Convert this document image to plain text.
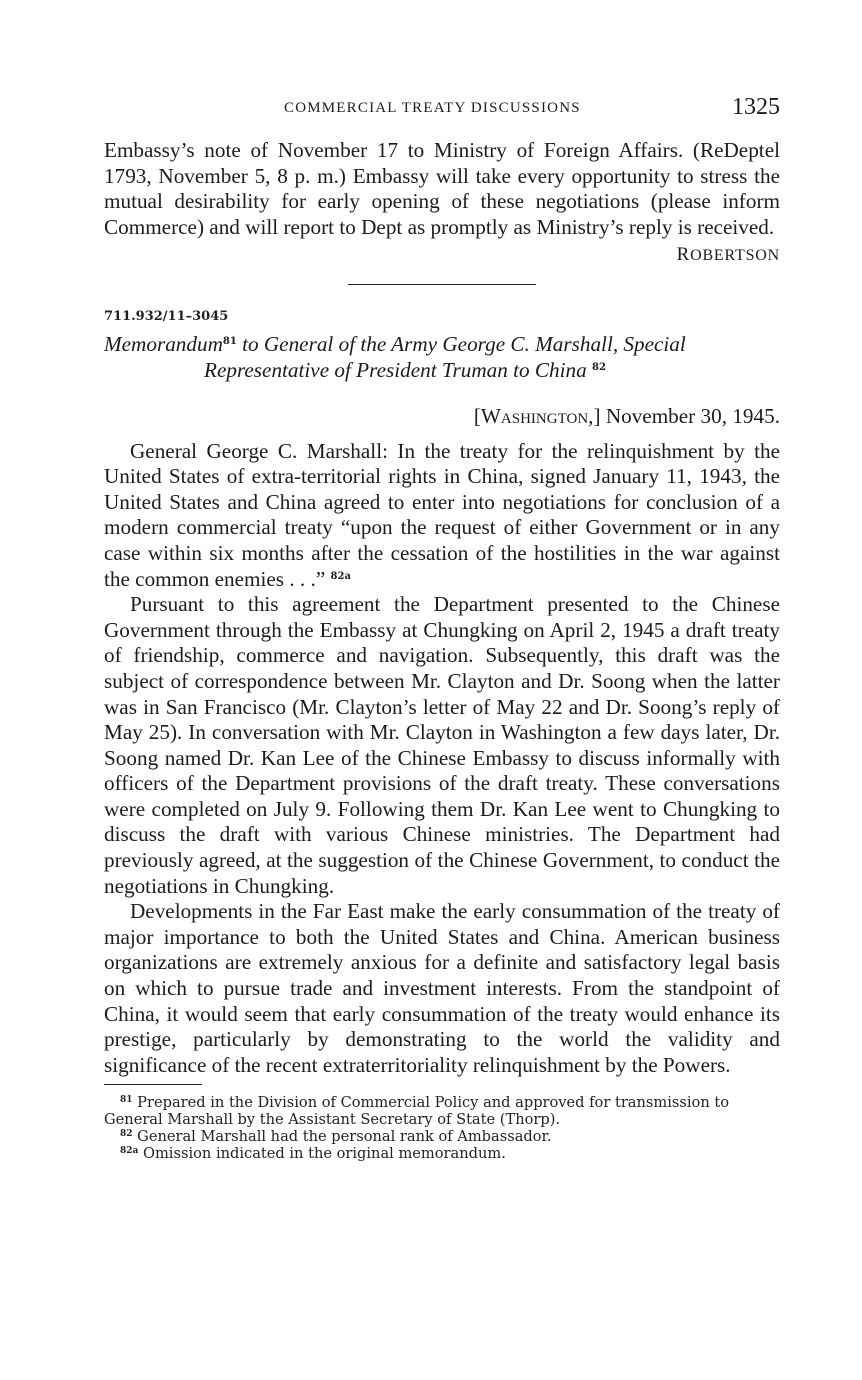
COMMERCIAL TREATY DISCUSSIONS	1325

Embassy’s note of November 17 to Ministry of Foreign Affairs. (ReDeptel 1793, November 5, 8 p. m.) Embassy will take every opportunity to stress the mutual desirability for early opening of these negotiations (please inform Commerce) and will report to Dept as promptly as Ministry’s reply is received.

ROBERTSON
711.932/11–3045
Memorandum$^{81}$ to General of the Army George C. Marshall, Special
Representative of President Truman to China $^{82}$
[Washington,] November 30, 1945.

General George C. Marshall: In the treaty for the relinquishment by the United States of extra-territorial rights in China, signed January 11, 1943, the United States and China agreed to enter into negotiations for conclusion of a modern commercial treaty “upon the request of either Government or in any case within six months after the cessation of the hostilities in the war against the common enemies . . .” $^{82a}$

Pursuant to this agreement the Department presented to the Chinese Government through the Embassy at Chungking on April 2, 1945 a draft treaty of friendship, commerce and navigation. Subsequently, this draft was the subject of correspondence between Mr. Clayton and Dr. Soong when the latter was in San Francisco (Mr. Clayton’s letter of May 22 and Dr. Soong’s reply of May 25). In conversation with Mr. Clayton in Washington a few days later, Dr. Soong named Dr. Kan Lee of the Chinese Embassy to discuss informally with officers of the Department provisions of the draft treaty. These conversations were completed on July 9. Following them Dr. Kan Lee went to Chungking to discuss the draft with various Chinese ministries. The Department had previously agreed, at the suggestion of the Chinese Government, to conduct the negotiations in Chungking.

Developments in the Far East make the early consummation of the treaty of major importance to both the United States and China. American business organizations are extremely anxious for a definite and satisfactory legal basis on which to pursue trade and investment interests. From the standpoint of China, it would seem that early consummation of the treaty would enhance its prestige, particularly by demonstrating to the world the validity and significance of the recent extraterritoriality relinquishment by the Powers.

$^{81}$ Prepared in the Division of Commercial Policy and approved for transmission to General Marshall by the Assistant Secretary of State (Thorp).

$^{82}$ General Marshall had the personal rank of Ambassador.

$^{82a}$ Omission indicated in the original memorandum.
